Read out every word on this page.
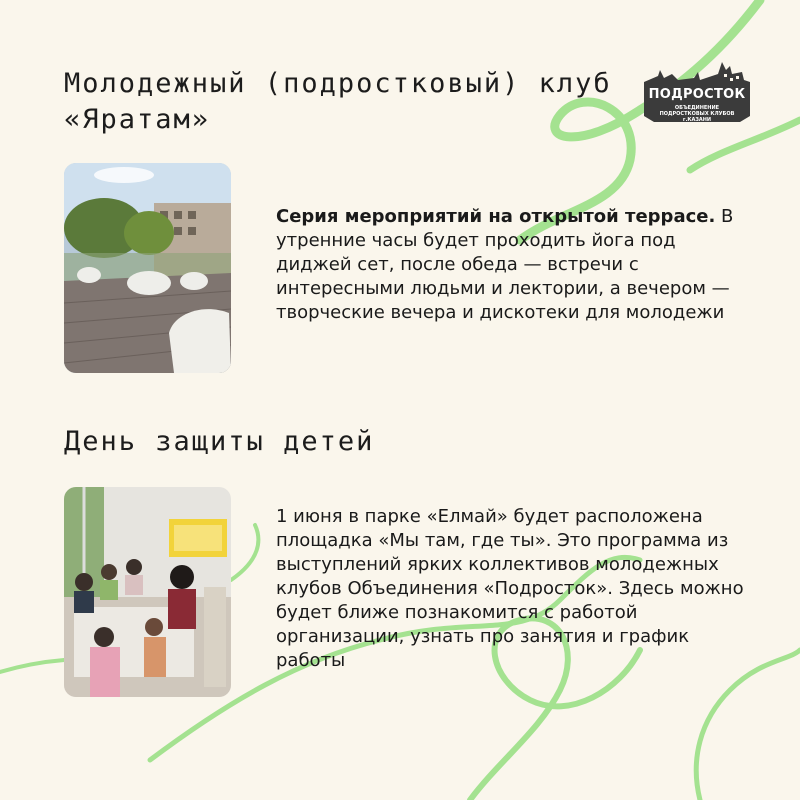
Молодежный (подростковый) клуб «Яратам»
ПОДРОСТОК
ОБЪЕДИНЕНИЕ ПОДРОСТКОВЫХ КЛУБОВ г.КАЗАНИ
Серия мероприятий на открытой террасе. В утренние часы будет проходить йога под диджей сет, после обеда — встречи с интересными людьми и лектории, а вечером — творческие вечера и дискотеки для молодежи
День защиты детей
1 июня в парке «Елмай» будет расположена площадка «Мы там, где ты». Это программа из выступлений ярких коллективов молодежных клубов Объединения «Подросток». Здесь можно будет ближе познакомится с работой организации, узнать про занятия и график работы
